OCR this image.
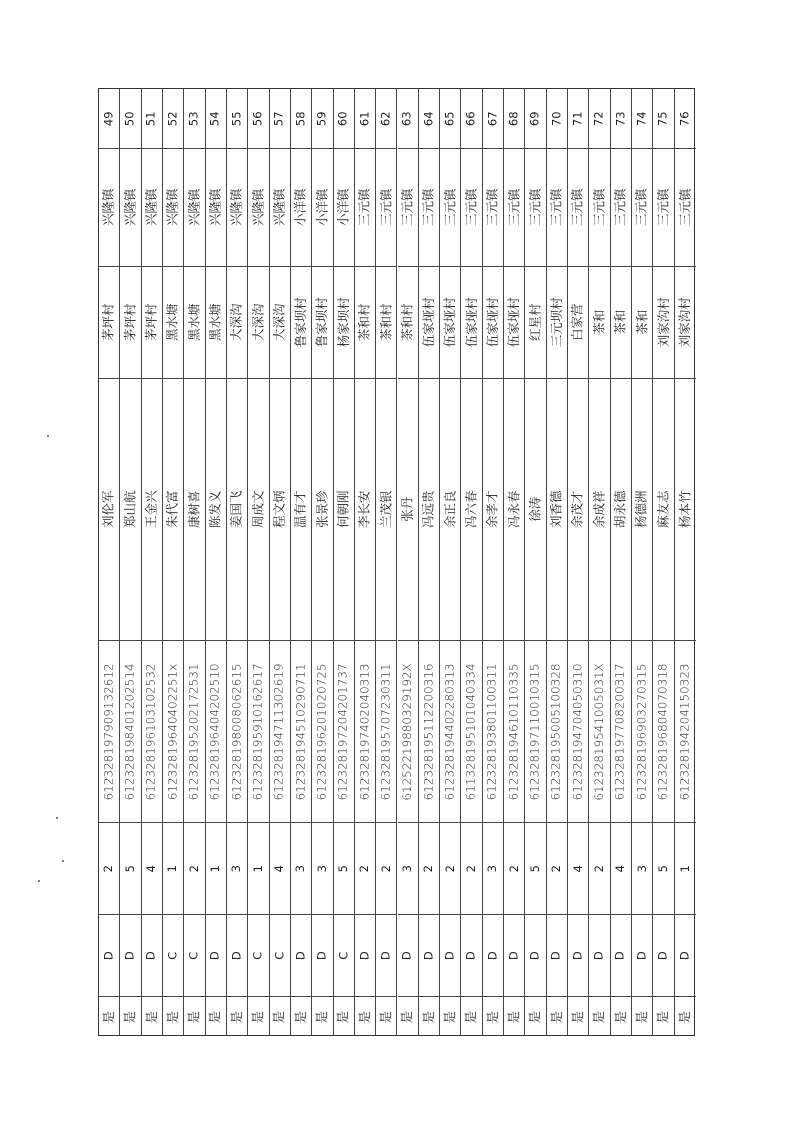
49
兴隆镇
茅坪村
刘伦军
612328197909132612
2
D
是
50
兴隆镇
茅坪村
郑山航
612328198401202514
5
D
是
51
兴隆镇
茅坪村
王金兴
612328196103102532
4
D
是
52
兴隆镇
黑水塘
朱代富
61232819640402251x
1
C
是
53
兴隆镇
黑水塘
康树喜
612328195202172531
2
C
是
54
兴隆镇
黑水塘
陈发义
612328196404202510
1
D
是
55
兴隆镇
大深沟
姜国飞
612328198008062615
3
D
是
56
兴隆镇
大深沟
周成文
612328195910162617
1
C
是
57
兴隆镇
大深沟
程文炳
612328194711302619
4
C
是
58
小洋镇
鲁家坝村
温有才
612328194510290711
3
D
是
59
小洋镇
鲁家坝村
张景珍
612328196201020725
3
D
是
60
小洋镇
杨家坝村
何朝刚
612328197204201737
5
C
是
61
三元镇
茶和村
李长安
612328197402040313
2
D
是
62
三元镇
茶和村
兰茂银
612328195707230311
2
D
是
63
三元镇
茶和村
张丹
61252219880329192X
3
D
是
64
三元镇
伍家垭村
冯远贵
612328195112200316
2
D
是
65
三元镇
伍家垭村
余正良
612328194402280313
2
D
是
66
三元镇
伍家垭村
冯六春
611328195101040334
2
D
是
67
三元镇
伍家垭村
余孝才
612328193801100311
3
D
是
68
三元镇
伍家垭村
冯永春
612328194610110335
2
D
是
69
三元镇
红星村
徐涛
612328197110010315
5
D
是
70
三元镇
三元坝村
刘香德
612328195005100328
2
D
是
71
三元镇
白家营
余茂才
612328194704050310
4
D
是
72
三元镇
茶和
余成祥
61232819541005031X
2
D
是
73
三元镇
茶和
胡永德
612328197708200317
4
D
是
74
三元镇
茶和
杨德洲
612328196903270315
3
D
是
75
三元镇
刘家沟村
麻友志
612328196804070318
5
D
是
76
三元镇
刘家沟村
杨本竹
612328194204150323
1
D
是
